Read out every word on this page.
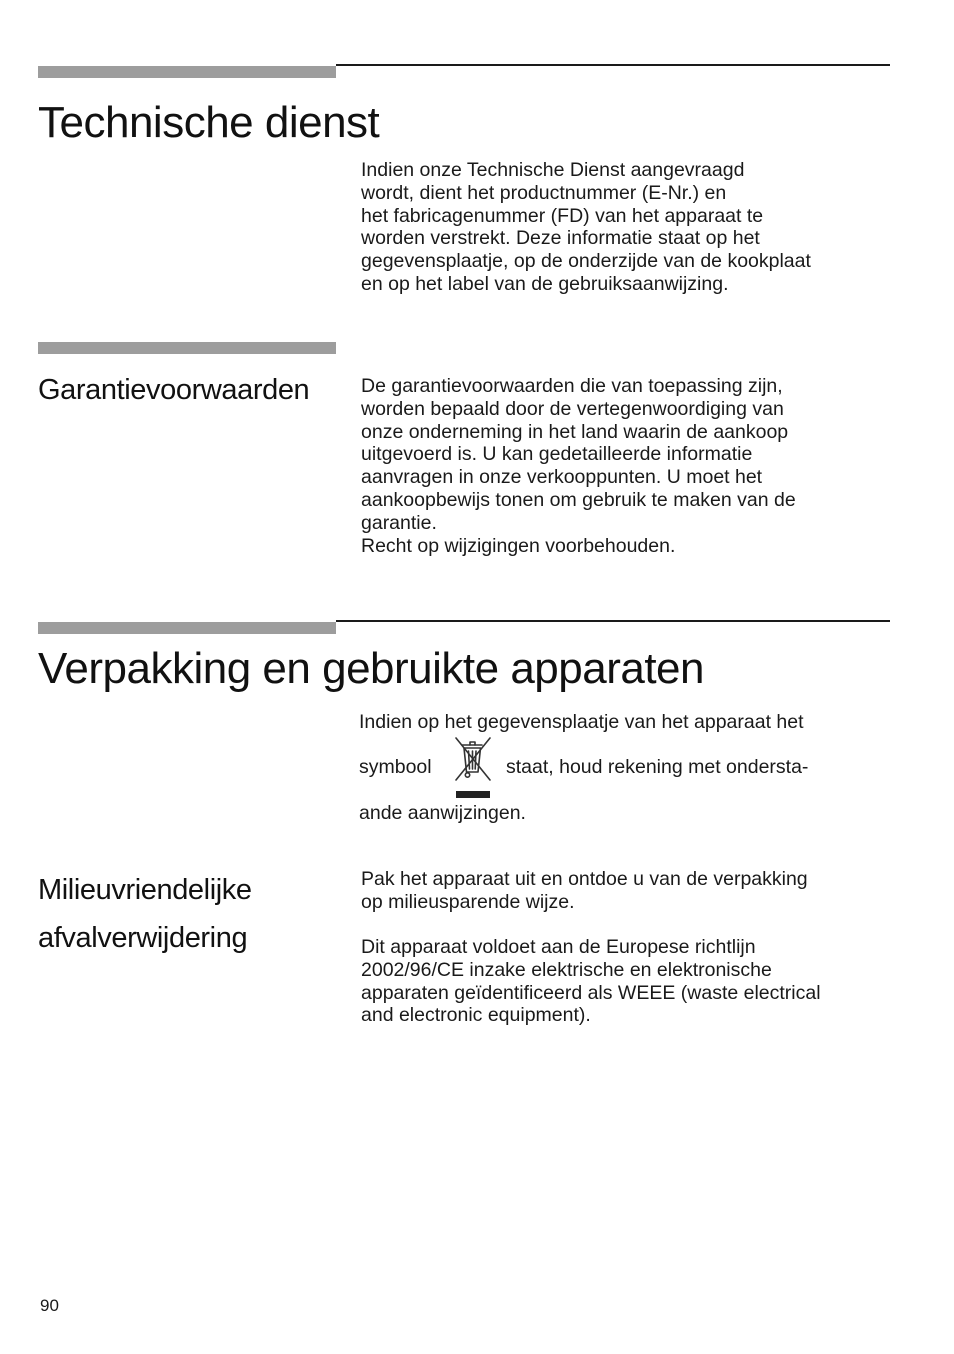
Technische dienst

Indien onze Technische Dienst aangevraagd
wordt, dient het productnummer (E-Nr.) en
het fabricagenummer (FD) van het apparaat te
worden verstrekt. Deze informatie staat op het
gegevensplaatje, op de onderzijde van de kookplaat
en op het label van de gebruiksaanwijzing.

Garantievoorwaarden	De garantievoorwaarden die van toepassing zijn,
worden bepaald door de vertegenwoordiging van
onze onderneming in het land waarin de aankoop
uitgevoerd is. U kan gedetailleerde informatie
aanvragen in onze verkooppunten. U moet het
aankoopbewijs tonen om gebruik te maken van de
garantie.
Recht op wijzigingen voorbehouden.

Verpakking en gebruikte apparaten
Indien op het gegevensplaatje van het apparaat het
symbool	staat, houd rekening met ondersta-
ande aanwijzingen.
Milieuvriendelijke
afvalverwijdering

Pak het apparaat uit en ontdoe u van de verpakking
op milieusparende wijze.

Dit apparaat voldoet aan de Europese richtlijn
2002/96/CE inzake elektrische en elektronische
apparaten geïdentificeerd als WEEE (waste electrical
and electronic equipment).

90
